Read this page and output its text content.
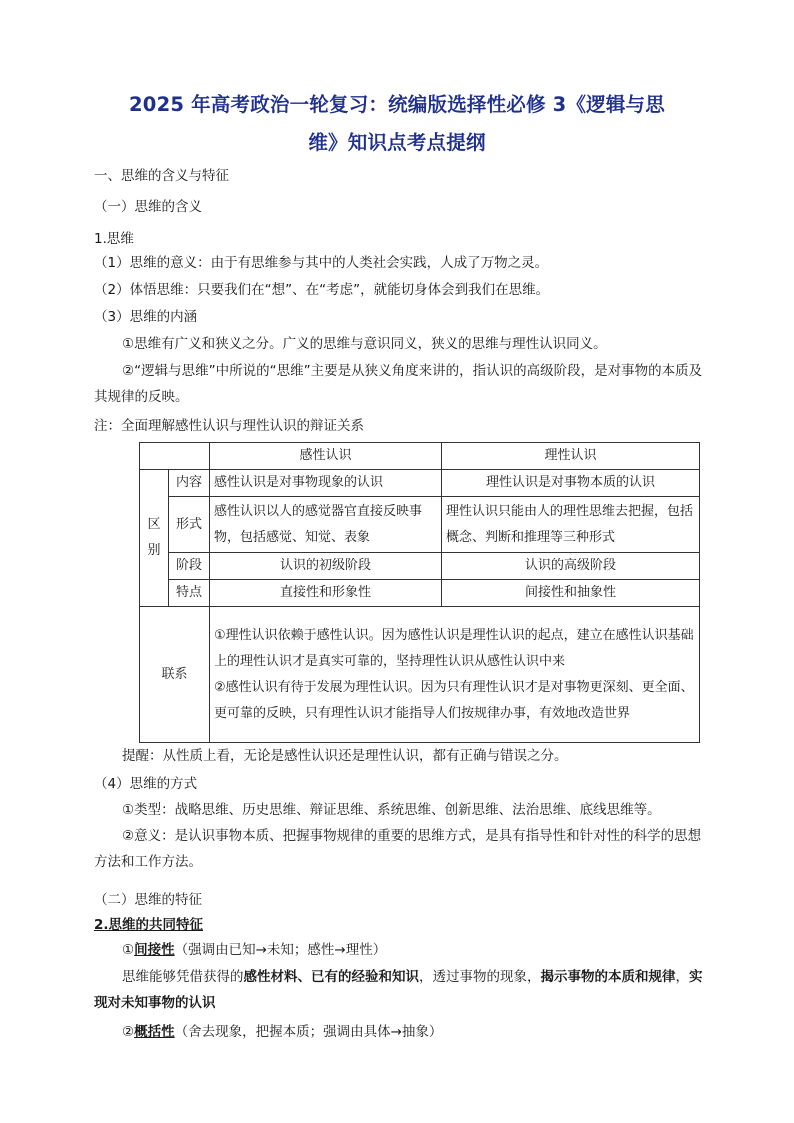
2025 年高考政治一轮复习：统编版选择性必修 3《逻辑与思
维》知识点考点提纲
一、思维的含义与特征
（一）思维的含义
1.思维
（1）思维的意义：由于有思维参与其中的人类社会实践，人成了万物之灵。
（2）体悟思维：只要我们在“想”、在“考虑”，就能切身体会到我们在思维。
（3）思维的内涵
①思维有广义和狭义之分。广义的思维与意识同义，狭义的思维与理性认识同义。
②“逻辑与思维”中所说的“思维”主要是从狭义角度来讲的，指认识的高级阶段，是对事物的本质及其规律的反映。
注：全面理解感性认识与理性认识的辩证关系
		感性认识	理性认识
区别	内容	感性认识是对事物现象的认识	理性认识是对事物本质的认识
	形式	感性认识以人的感觉器官直接反映事物，包括感觉、知觉、表象	理性认识只能由人的理性思维去把握，包括概念、判断和推理等三种形式
	阶段	认识的初级阶段	认识的高级阶段
	特点	直接性和形象性	间接性和抽象性
联系		①理性认识依赖于感性认识。因为感性认识是理性认识的起点，建立在感性认识基础上的理性认识才是真实可靠的，坚持理性认识从感性认识中来
②感性认识有待于发展为理性认识。因为只有理性认识才是对事物更深刻、更全面、更可靠的反映，只有理性认识才能指导人们按规律办事，有效地改造世界	
提醒：从性质上看，无论是感性认识还是理性认识，都有正确与错误之分。
（4）思维的方式
①类型：战略思维、历史思维、辩证思维、系统思维、创新思维、法治思维、底线思维等。
②意义：是认识事物本质、把握事物规律的重要的思维方式，是具有指导性和针对性的科学的思想方法和工作方法。
（二）思维的特征
2.思维的共同特征
①间接性（强调由已知→未知；感性→理性）
思维能够凭借获得的感性材料、已有的经验和知识，透过事物的现象，揭示事物的本质和规律，实现对未知事物的认识
②概括性（舍去现象，把握本质；强调由具体→抽象）
